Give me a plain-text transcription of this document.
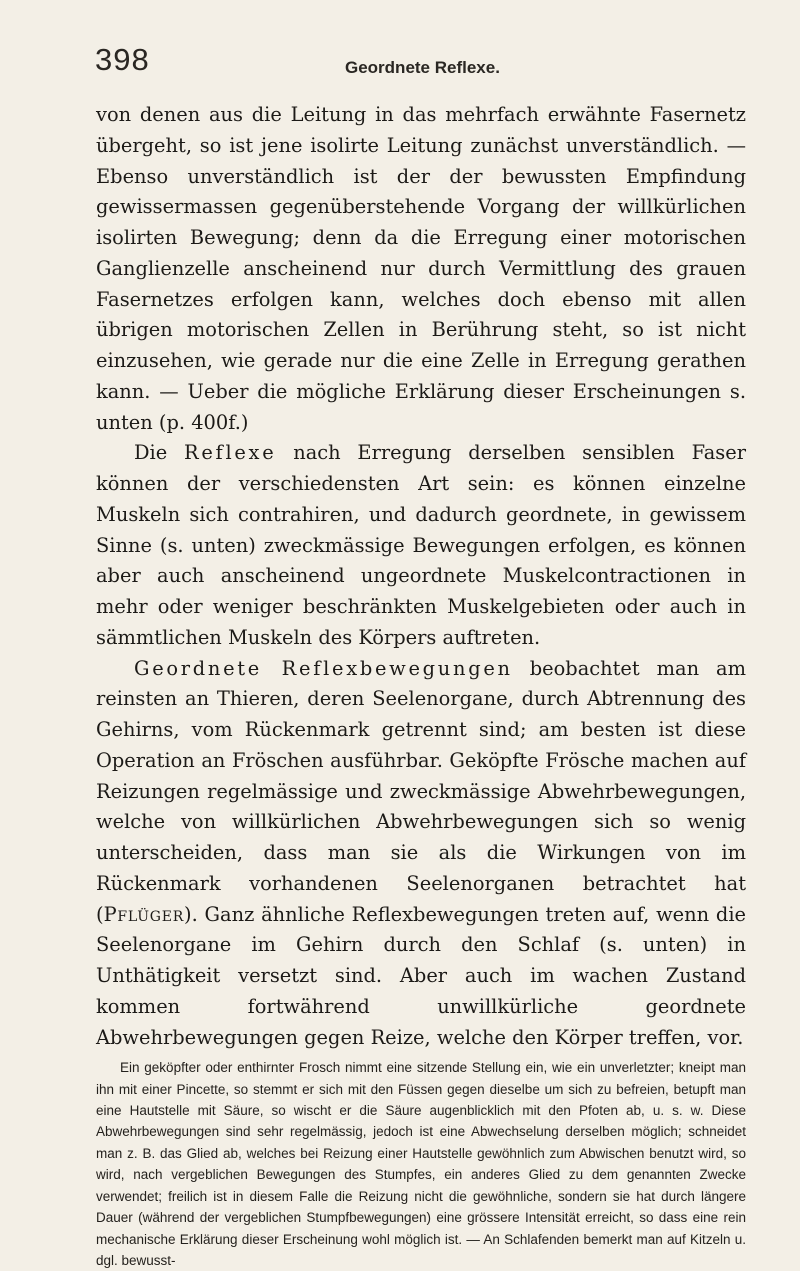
398	Geordnete Reflexe.

von denen aus die Leitung in das mehrfach erwähnte Fasernetz übergeht, so ist jene isolirte Leitung zunächst unverständlich. — Ebenso unverständlich ist der der bewussten Empfindung gewissermassen gegenüberstehende Vorgang der willkürlichen isolirten Bewegung; denn da die Erregung einer motorischen Ganglienzelle anscheinend nur durch Vermittlung des grauen Fasernetzes erfolgen kann, welches doch ebenso mit allen übrigen motorischen Zellen in Berührung steht, so ist nicht einzusehen, wie gerade nur die eine Zelle in Erregung gerathen kann. — Ueber die mögliche Erklärung dieser Erscheinungen s. unten (p. 400f.)

Die Reflexe nach Erregung derselben sensiblen Faser können der verschiedensten Art sein: es können einzelne Muskeln sich contrahiren, und dadurch geordnete, in gewissem Sinne (s. unten) zweckmässige Bewegungen erfolgen, es können aber auch anscheinend ungeordnete Muskelcontractionen in mehr oder weniger beschränkten Muskelgebieten oder auch in sämmtlichen Muskeln des Körpers auftreten.

Geordnete Reflexbewegungen beobachtet man am reinsten an Thieren, deren Seelenorgane, durch Abtrennung des Gehirns, vom Rückenmark getrennt sind; am besten ist diese Operation an Fröschen ausführbar. Geköpfte Frösche machen auf Reizungen regelmässige und zweckmässige Abwehrbewegungen, welche von willkürlichen Abwehrbewegungen sich so wenig unterscheiden, dass man sie als die Wirkungen von im Rückenmark vorhandenen Seelenorganen betrachtet hat (Pflüger). Ganz ähnliche Reflexbewegungen treten auf, wenn die Seelenorgane im Gehirn durch den Schlaf (s. unten) in Unthätigkeit versetzt sind. Aber auch im wachen Zustand kommen fortwährend unwillkürliche geordnete Abwehrbewegungen gegen Reize, welche den Körper treffen, vor.

Ein geköpfter oder enthirnter Frosch nimmt eine sitzende Stellung ein, wie ein unverletzter; kneipt man ihn mit einer Pincette, so stemmt er sich mit den Füssen gegen dieselbe um sich zu befreien, betupft man eine Hautstelle mit Säure, so wischt er die Säure augenblicklich mit den Pfoten ab, u. s. w. Diese Abwehrbewegungen sind sehr regelmässig, jedoch ist eine Abwechselung derselben möglich; schneidet man z. B. das Glied ab, welches bei Reizung einer Hautstelle gewöhnlich zum Abwischen benutzt wird, so wird, nach vergeblichen Bewegungen des Stumpfes, ein anderes Glied zu dem genannten Zwecke verwendet; freilich ist in diesem Falle die Reizung nicht die gewöhnliche, sondern sie hat durch längere Dauer (während der vergeblichen Stumpfbewegungen) eine grössere Intensität erreicht, so dass eine rein mechanische Erklärung dieser Erscheinung wohl möglich ist. — An Schlafenden bemerkt man auf Kitzeln u. dgl. bewusst-
